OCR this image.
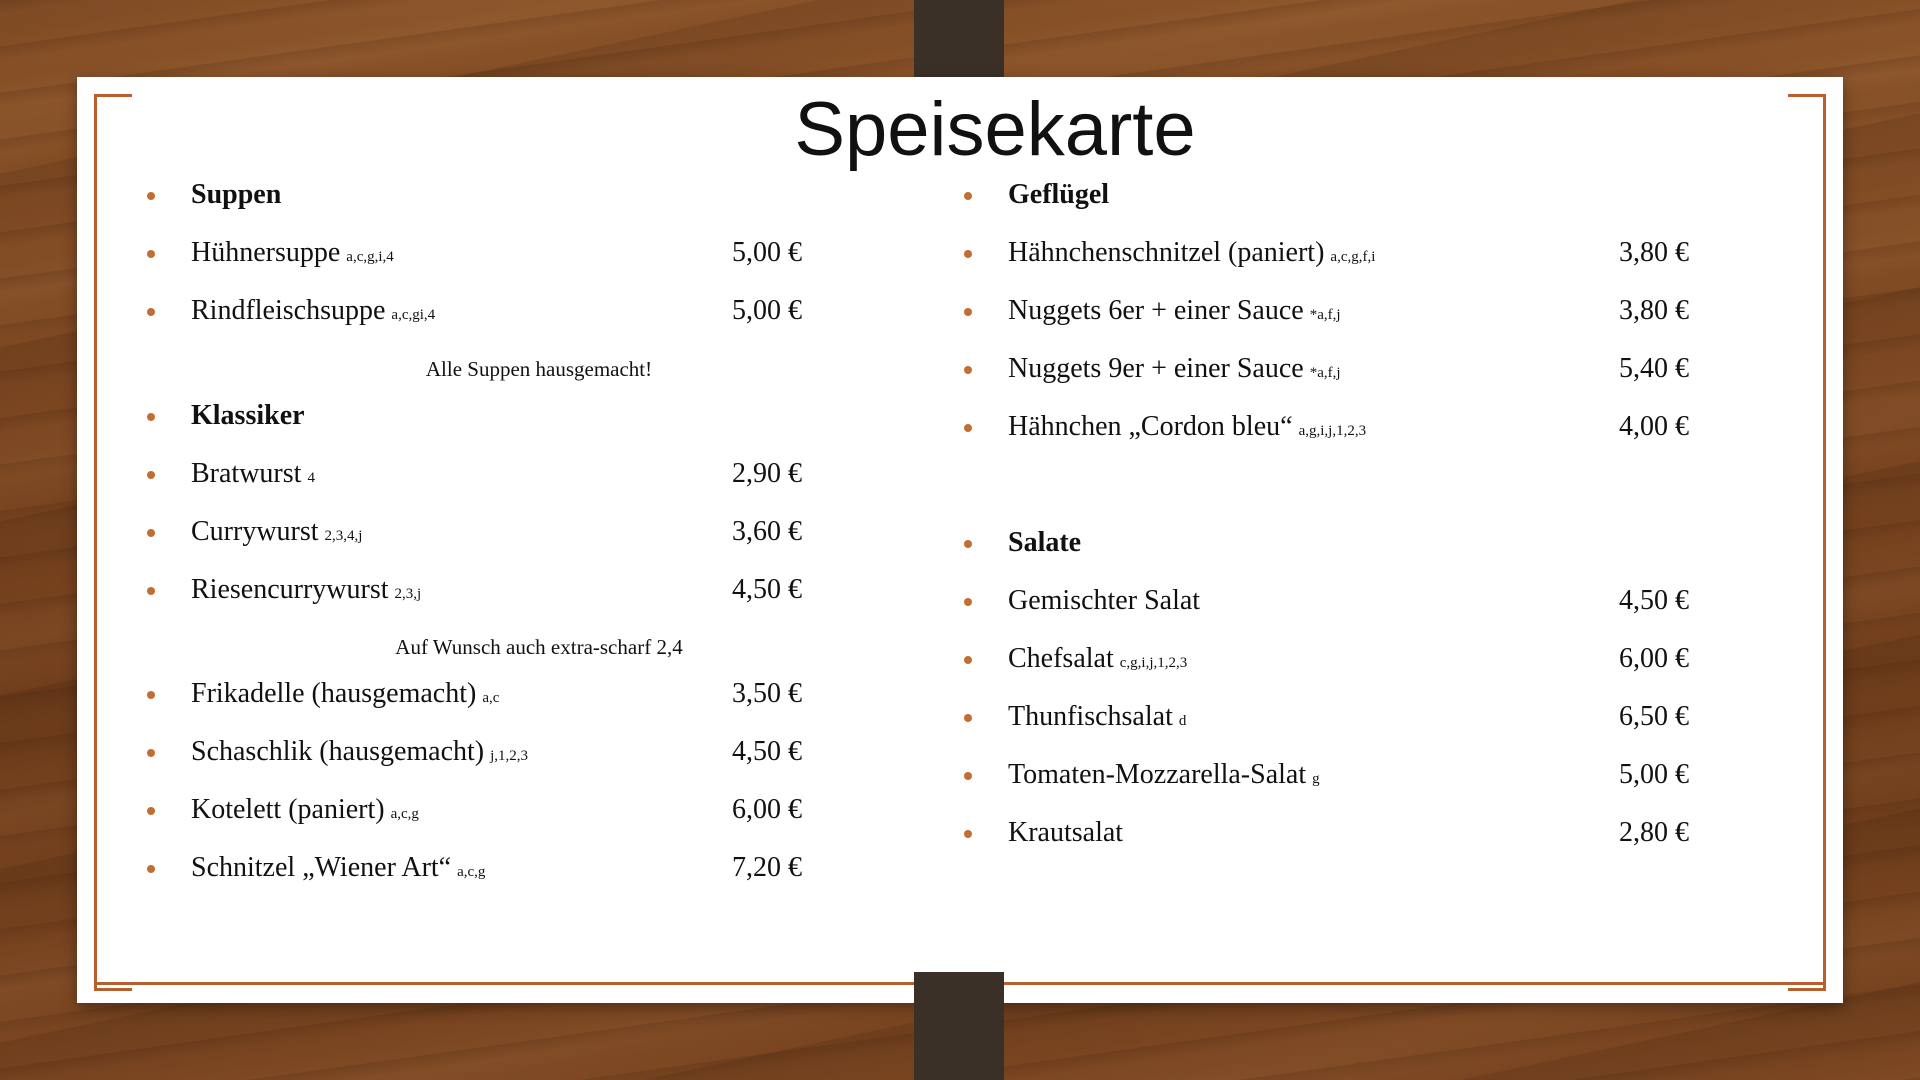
Speisekarte
Suppen
Hühnersuppe a,c,g,i,4	5,00 €
Rindfleischsuppe a,c,gi,4	5,00 €
Alle Suppen hausgemacht!
Klassiker
Bratwurst 4	2,90 €
Currywurst 2,3,4,j	3,60 €
Riesencurrywurst 2,3,j	4,50 €
Auf Wunsch auch extra-scharf 2,4
Frikadelle (hausgemacht) a,c	3,50 €
Schaschlik (hausgemacht) j,1,2,3	4,50 €
Kotelett (paniert) a,c,g	6,00 €
Schnitzel „Wiener Art“ a,c,g	7,20 €
Geflügel
Hähnchenschnitzel (paniert) a,c,g,f,i	3,80 €
Nuggets 6er + einer Sauce *a,f,j	3,80 €
Nuggets 9er + einer Sauce *a,f,j	5,40 €
Hähnchen „Cordon bleu“ a,g,i,j,1,2,3	4,00 €
Salate
Gemischter Salat	4,50 €
Chefsalat c,g,i,j,1,2,3	6,00 €
Thunfischsalat d	6,50 €
Tomaten-Mozzarella-Salat g	5,00 €
Krautsalat	2,80 €
